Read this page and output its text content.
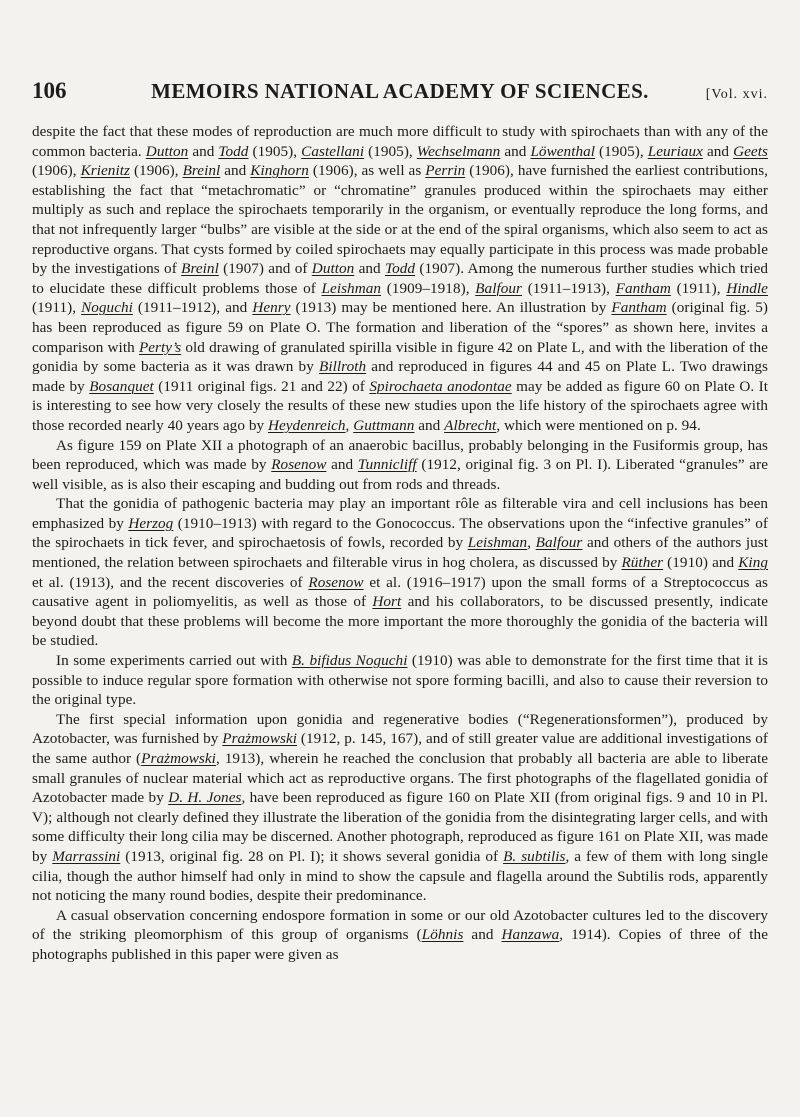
106	MEMOIRS NATIONAL ACADEMY OF SCIENCES.	[Vol. xvi.

despite the fact that these modes of reproduction are much more difficult to study with spirochaets than with any of the common bacteria. Dutton and Todd (1905), Castellani (1905), Wechselmann and Löwenthal (1905), Leuriaux and Geets (1906), Krienitz (1906), Breinl and Kinghorn (1906), as well as Perrin (1906), have furnished the earliest contributions, establishing the fact that “metachromatic” or “chromatine” granules produced within the spirochaets may either multiply as such and replace the spirochaets temporarily in the organism, or eventually reproduce the long forms, and that not infrequently larger “bulbs” are visible at the side or at the end of the spiral organisms, which also seem to act as reproductive organs. That cysts formed by coiled spirochaets may equally participate in this process was made probable by the investigations of Breinl (1907) and of Dutton and Todd (1907). Among the numerous further studies which tried to elucidate these difficult problems those of Leishman (1909–1918), Balfour (1911–1913), Fantham (1911), Hindle (1911), Noguchi (1911–1912), and Henry (1913) may be mentioned here. An illustration by Fantham (original fig. 5) has been reproduced as figure 59 on Plate O. The formation and liberation of the “spores” as shown here, invites a comparison with Perty’s old drawing of granulated spirilla visible in figure 42 on Plate L, and with the liberation of the gonidia by some bacteria as it was drawn by Billroth and reproduced in figures 44 and 45 on Plate L. Two drawings made by Bosanquet (1911 original figs. 21 and 22) of Spirochaeta anodontae may be added as figure 60 on Plate O. It is interesting to see how very closely the results of these new studies upon the life history of the spirochaets agree with those recorded nearly 40 years ago by Heydenreich, Guttmann and Albrecht, which were mentioned on p. 94.

As figure 159 on Plate XII a photograph of an anaerobic bacillus, probably belonging in the Fusiformis group, has been reproduced, which was made by Rosenow and Tunnicliff (1912, original fig. 3 on Pl. I). Liberated “granules” are well visible, as is also their escaping and budding out from rods and threads.

That the gonidia of pathogenic bacteria may play an important rôle as filterable vira and cell inclusions has been emphasized by Herzog (1910–1913) with regard to the Gonococcus. The observations upon the “infective granules” of the spirochaets in tick fever, and spirochaetosis of fowls, recorded by Leishman, Balfour and others of the authors just mentioned, the relation between spirochaets and filterable virus in hog cholera, as discussed by Rüther (1910) and King et al. (1913), and the recent discoveries of Rosenow et al. (1916–1917) upon the small forms of a Streptococcus as causative agent in poliomyelitis, as well as those of Hort and his collaborators, to be discussed presently, indicate beyond doubt that these problems will become the more important the more thoroughly the gonidia of the bacteria will be studied.

In some experiments carried out with B. bifidus Noguchi (1910) was able to demonstrate for the first time that it is possible to induce regular spore formation with otherwise not spore forming bacilli, and also to cause their reversion to the original type.

The first special information upon gonidia and regenerative bodies (“Regenerationsformen”), produced by Azotobacter, was furnished by Prażmowski (1912, p. 145, 167), and of still greater value are additional investigations of the same author (Prażmowski, 1913), wherein he reached the conclusion that probably all bacteria are able to liberate small granules of nuclear material which act as reproductive organs. The first photographs of the flagellated gonidia of Azotobacter made by D. H. Jones, have been reproduced as figure 160 on Plate XII (from original figs. 9 and 10 in Pl. V); although not clearly defined they illustrate the liberation of the gonidia from the disintegrating larger cells, and with some difficulty their long cilia may be discerned. Another photograph, reproduced as figure 161 on Plate XII, was made by Marrassini (1913, original fig. 28 on Pl. I); it shows several gonidia of B. subtilis, a few of them with long single cilia, though the author himself had only in mind to show the capsule and flagella around the Subtilis rods, apparently not noticing the many round bodies, despite their predominance.

A casual observation concerning endospore formation in some or our old Azotobacter cultures led to the discovery of the striking pleomorphism of this group of organisms (Löhnis and Hanzawa, 1914). Copies of three of the photographs published in this paper were given as
